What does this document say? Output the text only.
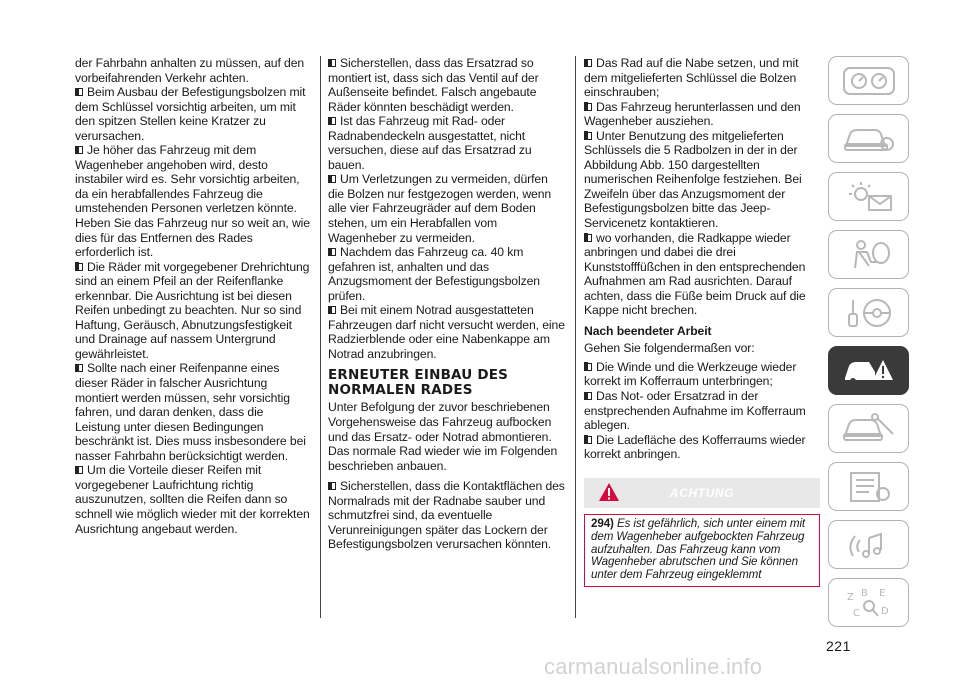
der Fahrbahn anhalten zu müssen, auf den vorbeifahrenden Verkehr achten.

Beim Ausbau der Befestigungsbolzen mit dem Schlüssel vorsichtig arbeiten, um mit den spitzen Stellen keine Kratzer zu verursachen.

Je höher das Fahrzeug mit dem Wagenheber angehoben wird, desto instabiler wird es. Sehr vorsichtig arbeiten, da ein herabfallendes Fahrzeug die umstehenden Personen verletzen könnte. Heben Sie das Fahrzeug nur so weit an, wie dies für das Entfernen des Rades erforderlich ist.

Die Räder mit vorgegebener Drehrichtung sind an einem Pfeil an der Reifenflanke erkennbar. Die Ausrichtung ist bei diesen Reifen unbedingt zu beachten. Nur so sind Haftung, Geräusch, Abnutzungsfestigkeit und Drainage auf nassem Untergrund gewährleistet.

Sollte nach einer Reifenpanne eines dieser Räder in falscher Ausrichtung montiert werden müssen, sehr vorsichtig fahren, und daran denken, dass die Leistung unter diesen Bedingungen beschränkt ist. Dies muss insbesondere bei nasser Fahrbahn berücksichtigt werden.

Um die Vorteile dieser Reifen mit vorgegebener Laufrichtung richtig auszunutzen, sollten die Reifen dann so schnell wie möglich wieder mit der korrekten Ausrichtung angebaut werden.

Sicherstellen, dass das Ersatzrad so montiert ist, dass sich das Ventil auf der Außenseite befindet. Falsch angebaute Räder könnten beschädigt werden.

Ist das Fahrzeug mit Rad- oder Radnabendeckeln ausgestattet, nicht versuchen, diese auf das Ersatzrad zu bauen.

Um Verletzungen zu vermeiden, dürfen die Bolzen nur festgezogen werden, wenn alle vier Fahrzeugräder auf dem Boden stehen, um ein Herabfallen vom Wagenheber zu vermeiden.

Nachdem das Fahrzeug ca. 40 km gefahren ist, anhalten und das Anzugsmoment der Befestigungsbolzen prüfen.

Bei mit einem Notrad ausgestatteten Fahrzeugen darf nicht versucht werden, eine Radzierblende oder eine Nabenkappe am Notrad anzubringen.

ERNEUTER EINBAU DES NORMALEN RADES

Unter Befolgung der zuvor beschriebenen Vorgehensweise das Fahrzeug aufbocken und das Ersatz- oder Notrad abmontieren. Das normale Rad wieder wie im Folgenden beschrieben anbauen.

Sicherstellen, dass die Kontaktflächen des Normalrads mit der Radnabe sauber und schmutzfrei sind, da eventuelle Verunreinigungen später das Lockern der Befestigungsbolzen verursachen könnten.

Das Rad auf die Nabe setzen, und mit dem mitgelieferten Schlüssel die Bolzen einschrauben;

Das Fahrzeug herunterlassen und den Wagenheber ausziehen.

Unter Benutzung des mitgelieferten Schlüssels die 5 Radbolzen in der in der Abbildung Abb. 150 dargestellten numerischen Reihenfolge festziehen. Bei Zweifeln über das Anzugsmoment der Befestigungsbolzen bitte das Jeep-Servicenetz kontaktieren.

wo vorhanden, die Radkappe wieder anbringen und dabei die drei Kunststofffüßchen in den entsprechenden Aufnahmen am Rad ausrichten. Darauf achten, dass die Füße beim Druck auf die Kappe nicht brechen.

Nach beendeter Arbeit

Gehen Sie folgendermaßen vor:

Die Winde und die Werkzeuge wieder korrekt im Kofferraum unterbringen;

Das Not- oder Ersatzrad in der enstprechenden Aufnahme im Kofferraum ablegen.

Die Ladefläche des Kofferraums wieder korrekt anbringen.

ACHTUNG
294) Es ist gefährlich, sich unter einem mit dem Wagenheber aufgebockten Fahrzeug aufzuhalten. Das Fahrzeug kann vom Wagenheber abrutschen und Sie können unter dem Fahrzeug eingeklemmt
Z B E
C D
221
carmanualsonline.info
